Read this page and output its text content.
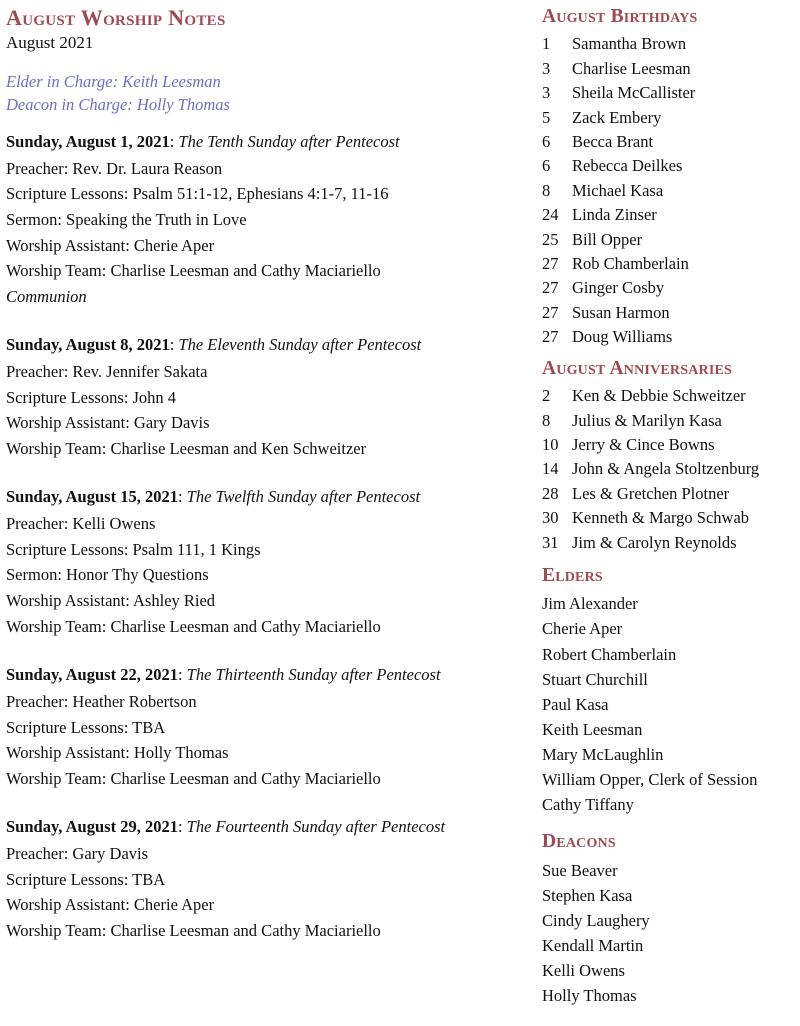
August Worship Notes
August 2021
Elder in Charge: Keith Leesman
Deacon in Charge: Holly Thomas
Sunday, August 1, 2021: The Tenth Sunday after Pentecost
Preacher: Rev. Dr. Laura Reason
Scripture Lessons: Psalm 51:1-12, Ephesians 4:1-7, 11-16
Sermon: Speaking the Truth in Love
Worship Assistant: Cherie Aper
Worship Team: Charlise Leesman and Cathy Maciariello
Communion
Sunday, August 8, 2021: The Eleventh Sunday after Pentecost
Preacher: Rev. Jennifer Sakata
Scripture Lessons: John 4
Worship Assistant: Gary Davis
Worship Team: Charlise Leesman and Ken Schweitzer
Sunday, August 15, 2021: The Twelfth Sunday after Pentecost
Preacher: Kelli Owens
Scripture Lessons: Psalm 111, 1 Kings
Sermon: Honor Thy Questions
Worship Assistant: Ashley Ried
Worship Team: Charlise Leesman and Cathy Maciariello
Sunday, August 22, 2021: The Thirteenth Sunday after Pentecost
Preacher: Heather Robertson
Scripture Lessons: TBA
Worship Assistant: Holly Thomas
Worship Team: Charlise Leesman and Cathy Maciariello
Sunday, August 29, 2021: The Fourteenth Sunday after Pentecost
Preacher: Gary Davis
Scripture Lessons: TBA
Worship Assistant: Cherie Aper
Worship Team: Charlise Leesman and Cathy Maciariello
August Birthdays
1	Samantha Brown
3	Charlise Leesman
3	Sheila McCallister
5	Zack Embery
6	Becca Brant
6	Rebecca Deilkes
8	Michael Kasa
24 Linda Zinser
25 Bill Opper
27 Rob Chamberlain
27 Ginger Cosby
27 Susan Harmon
27 Doug Williams
August Anniversaries
2	Ken & Debbie Schweitzer
8	Julius & Marilyn Kasa
10 Jerry & Cince Bowns
14 John & Angela Stoltzenburg
28 Les & Gretchen Plotner
30 Kenneth & Margo Schwab
31 Jim & Carolyn Reynolds
Elders
Jim Alexander
Cherie Aper
Robert Chamberlain
Stuart Churchill
Paul Kasa
Keith Leesman
Mary McLaughlin
William Opper, Clerk of Session
Cathy Tiffany
Deacons
Sue Beaver
Stephen Kasa
Cindy Laughery
Kendall Martin
Kelli Owens
Holly Thomas
